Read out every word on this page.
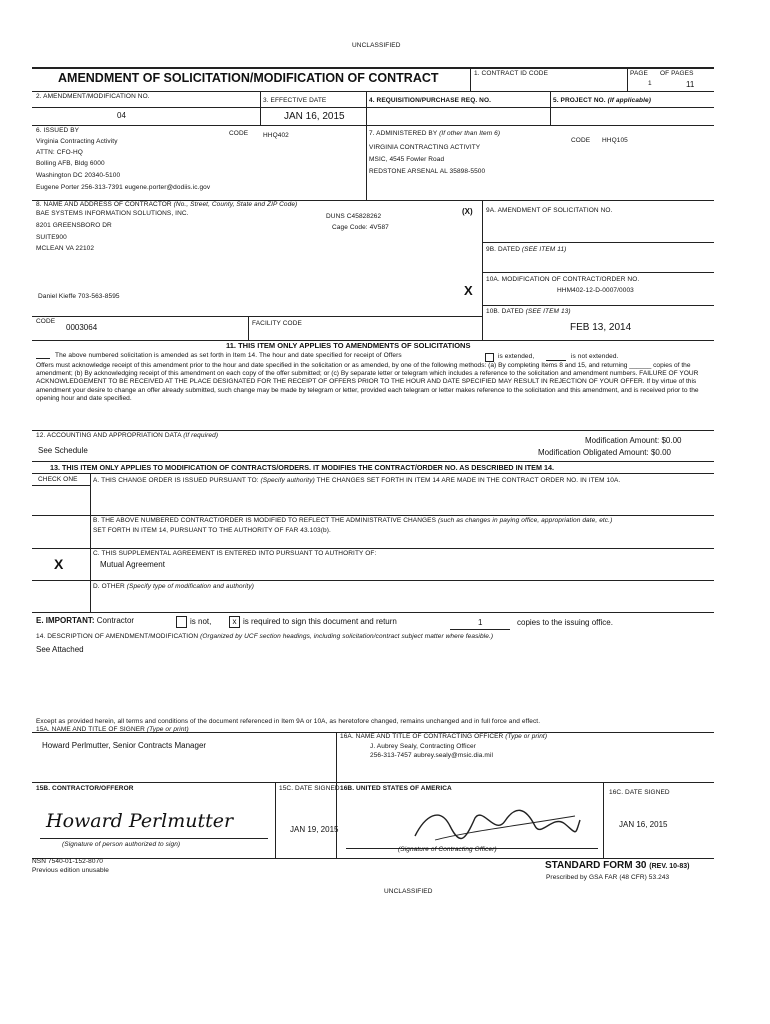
UNCLASSIFIED
AMENDMENT OF SOLICITATION/MODIFICATION OF CONTRACT	1. CONTRACT ID CODE	PAGE OF PAGES
1	11
2. AMENDMENT/MODIFICATION NO.
04
3. EFFECTIVE DATE
JAN 16, 2015
4. REQUISITION/PURCHASE REQ. NO.	5. PROJECT NO. (If applicable)
6. ISSUED BY	CODE HHQ402
Virginia Contracting Activity
ATTN: CFO-HQ
Bolling AFB, Bldg 6000
Washington DC 20340-5100
Eugene Porter 256-313-7391 eugene.porter@dodiis.ic.gov
7. ADMINISTERED BY (If other than Item 6)
CODE HHQ105
VIRGINIA CONTRACTING ACTIVITY
MSIC, 4545 Fowler Road
REDSTONE ARSENAL AL 35898-5500
8. NAME AND ADDRESS OF CONTRACTOR (No., Street, County, State and ZIP Code)
BAE SYSTEMS INFORMATION SOLUTIONS, INC.
8201 GREENSBORO DR
SUITE900
MCLEAN VA 22102
DUNS C45828262
Cage Code: 4V587
Daniel Kieffe 703-563-8595
CODE
0003064	FACILITY CODE
(X) 9A. AMENDMENT OF SOLICITATION NO.
9B. DATED (SEE ITEM 11)
X
10A. MODIFICATION OF CONTRACT/ORDER NO.
HHM402-12-D-0007/0003
10B. DATED (SEE ITEM 13)
FEB 13, 2014
11. THIS ITEM ONLY APPLIES TO AMENDMENTS OF SOLICITATIONS
The above numbered solicitation is amended as set forth in Item 14. The hour and date specified for receipt of Offers	is extended,	is not extended.
Offers must acknowledge receipt of this amendment prior to the hour and date specified in the solicitation or as amended, by one of the following methods: (a) By completing Items 8 and 15, and returning ______ copies of the amendment; (b) By acknowledging receipt of this amendment on each copy of the offer submitted; or (c) By separate letter or telegram which includes a reference to the solicitation and amendment numbers. FAILURE OF YOUR ACKNOWLEDGEMENT TO BE RECEIVED AT THE PLACE DESIGNATED FOR THE RECEIPT OF OFFERS PRIOR TO THE HOUR AND DATE SPECIFIED MAY RESULT IN REJECTION OF YOUR OFFER. If by virtue of this amendment your desire to change an offer already submitted, such change may be made by telegram or letter, provided each telegram or letter makes reference to the solicitation and this amendment, and is received prior to the opening hour and date specified.
12. ACCOUNTING AND APPROPRIATION DATA (If required)
See Schedule
Modification Amount: $0.00
Modification Obligated Amount: $0.00
13. THIS ITEM ONLY APPLIES TO MODIFICATION OF CONTRACTS/ORDERS. IT MODIFIES THE CONTRACT/ORDER NO. AS DESCRIBED IN ITEM 14.
CHECK ONE A. THIS CHANGE ORDER IS ISSUED PURSUANT TO: (Specify authority) THE CHANGES SET FORTH IN ITEM 14 ARE MADE IN THE CONTRACT ORDER NO. IN ITEM 10A.
B. THE ABOVE NUMBERED CONTRACT/ORDER IS MODIFIED TO REFLECT THE ADMINISTRATIVE CHANGES (such as changes in paying office, appropriation date, etc.)
SET FORTH IN ITEM 14, PURSUANT TO THE AUTHORITY OF FAR 43.103(b).
C. THIS SUPPLEMENTAL AGREEMENT IS ENTERED INTO PURSUANT TO AUTHORITY OF:
Mutual Agreement
X
D. OTHER (Specify type of modification and authority)
E. IMPORTANT: Contractor	is not,	x is required to sign this document and return	1	copies to the issuing office.
14. DESCRIPTION OF AMENDMENT/MODIFICATION (Organized by UCF section headings, including solicitation/contract subject matter where feasible.)
See Attached
Except as provided herein, all terms and conditions of the document referenced in Item 9A or 10A, as heretofore changed, remains unchanged and in full force and effect.
15A. NAME AND TITLE OF SIGNER (Type or print)
Howard Perlmutter, Senior Contracts Manager
16A. NAME AND TITLE OF CONTRACTING OFFICER (Type or print)
J. Aubrey Sealy, Contracting Officer
256-313-7457 aubrey.sealy@msic.dia.mil
15B. CONTRACTOR/OFFEROR
Howard Perlmutter
(Signature of person authorized to sign)
15C. DATE SIGNED
JAN 19, 2015
16B. UNITED STATES OF AMERICA
(Signature of Contracting Officer)
16C. DATE SIGNED
JAN 16, 2015
NSN 7540-01-152-8070
Previous edition unusable	STANDARD FORM 30 (REV. 10-83)
Prescribed by GSA FAR (48 CFR) 53.243
UNCLASSIFIED
